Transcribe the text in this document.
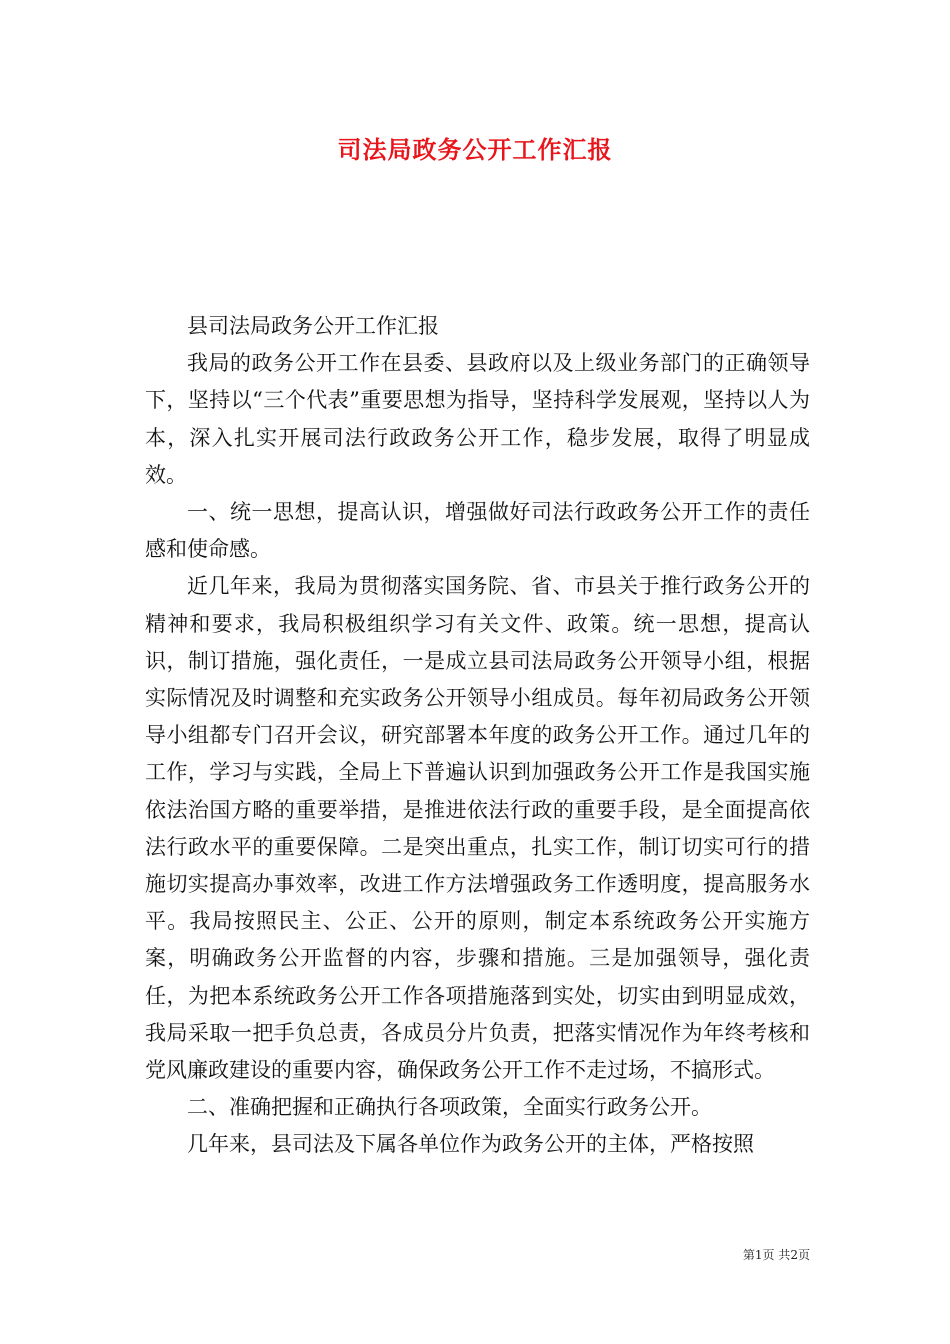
司法局政务公开工作汇报

县司法局政务公开工作汇报

我局的政务公开工作在县委、县政府以及上级业务部门的正确领导下，坚持以“三个代表”重要思想为指导，坚持科学发展观，坚持以人为本，深入扎实开展司法行政政务公开工作，稳步发展，取得了明显成效。

一、统一思想，提高认识，增强做好司法行政政务公开工作的责任感和使命感。

近几年来，我局为贯彻落实国务院、省、市县关于推行政务公开的精神和要求，我局积极组织学习有关文件、政策。统一思想，提高认识，制订措施，强化责任，一是成立县司法局政务公开领导小组，根据实际情况及时调整和充实政务公开领导小组成员。每年初局政务公开领导小组都专门召开会议，研究部署本年度的政务公开工作。通过几年的工作，学习与实践，全局上下普遍认识到加强政务公开工作是我国实施依法治国方略的重要举措，是推进依法行政的重要手段，是全面提高依法行政水平的重要保障。二是突出重点，扎实工作，制订切实可行的措施切实提高办事效率，改进工作方法增强政务工作透明度，提高服务水平。我局按照民主、公正、公开的原则，制定本系统政务公开实施方案，明确政务公开监督的内容，步骤和措施。三是加强领导，强化责任，为把本系统政务公开工作各项措施落到实处，切实由到明显成效，我局采取一把手负总责，各成员分片负责，把落实情况作为年终考核和党风廉政建设的重要内容，确保政务公开工作不走过场，不搞形式。

二、准确把握和正确执行各项政策，全面实行政务公开。

几年来，县司法及下属各单位作为政务公开的主体，严格按照

第1页 共2页
